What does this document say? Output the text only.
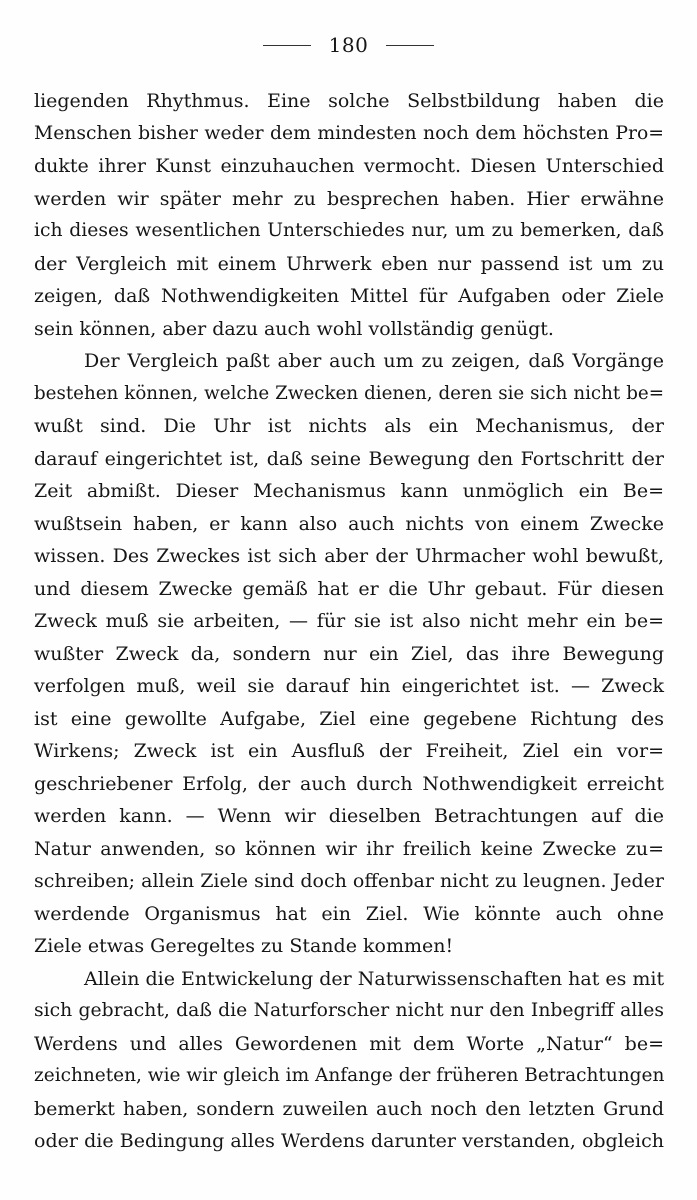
180
liegenden Rhythmus. Eine solche Selbstbildung haben die
Menschen bisher weder dem mindesten noch dem höchsten Pro=
dukte ihrer Kunst einzuhauchen vermocht. Diesen Unterschied
werden wir später mehr zu besprechen haben. Hier erwähne
ich dieses wesentlichen Unterschiedes nur, um zu bemerken, daß
der Vergleich mit einem Uhrwerk eben nur passend ist um zu
zeigen, daß Nothwendigkeiten Mittel für Aufgaben oder Ziele
sein können, aber dazu auch wohl vollständig genügt.
Der Vergleich paßt aber auch um zu zeigen, daß Vorgänge
bestehen können, welche Zwecken dienen, deren sie sich nicht be=
wußt sind. Die Uhr ist nichts als ein Mechanismus, der
darauf eingerichtet ist, daß seine Bewegung den Fortschritt der
Zeit abmißt. Dieser Mechanismus kann unmöglich ein Be=
wußtsein haben, er kann also auch nichts von einem Zwecke
wissen. Des Zweckes ist sich aber der Uhrmacher wohl bewußt,
und diesem Zwecke gemäß hat er die Uhr gebaut. Für diesen
Zweck muß sie arbeiten, — für sie ist also nicht mehr ein be=
wußter Zweck da, sondern nur ein Ziel, das ihre Bewegung
verfolgen muß, weil sie darauf hin eingerichtet ist. — Zweck
ist eine gewollte Aufgabe, Ziel eine gegebene Richtung des
Wirkens; Zweck ist ein Ausfluß der Freiheit, Ziel ein vor=
geschriebener Erfolg, der auch durch Nothwendigkeit erreicht
werden kann. — Wenn wir dieselben Betrachtungen auf die
Natur anwenden, so können wir ihr freilich keine Zwecke zu=
schreiben; allein Ziele sind doch offenbar nicht zu leugnen. Jeder
werdende Organismus hat ein Ziel. Wie könnte auch ohne
Ziele etwas Geregeltes zu Stande kommen!
Allein die Entwickelung der Naturwissenschaften hat es mit
sich gebracht, daß die Naturforscher nicht nur den Inbegriff alles
Werdens und alles Gewordenen mit dem Worte „Natur“ be=
zeichneten, wie wir gleich im Anfange der früheren Betrachtungen
bemerkt haben, sondern zuweilen auch noch den letzten Grund
oder die Bedingung alles Werdens darunter verstanden, obgleich
